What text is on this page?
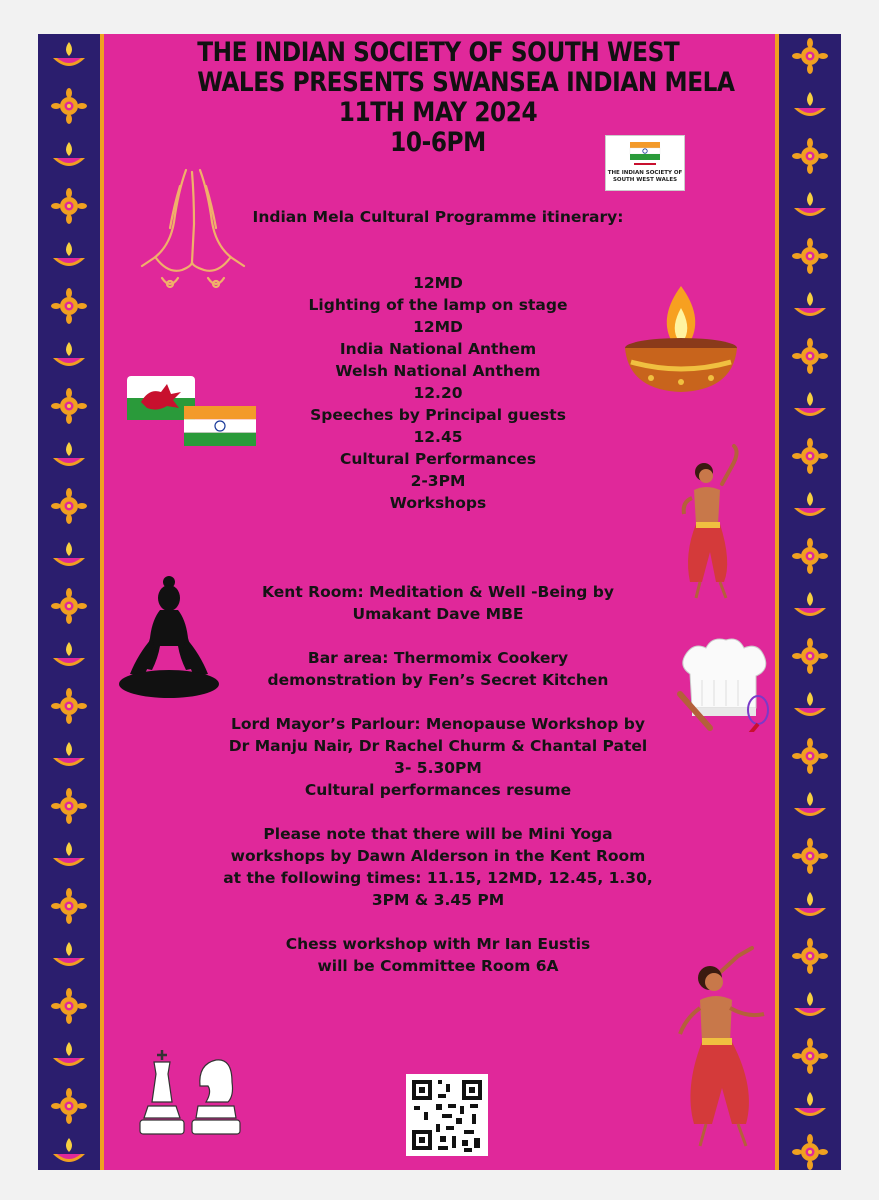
THE INDIAN SOCIETY OF SOUTH WEST
WALES PRESENTS SWANSEA INDIAN MELA
11TH MAY 2024
10-6PM
THE INDIAN SOCIETY OF SOUTH WEST WALES
Indian Mela Cultural Programme itinerary:
12MD
Lighting of the lamp on stage
12MD
India National Anthem
Welsh National Anthem
12.20
Speeches by Principal guests
12.45
Cultural Performances
2-3PM
Workshops
Kent Room: Meditation & Well -Being by
Umakant Dave MBE
Bar area: Thermomix Cookery
demonstration by Fen’s Secret Kitchen
Lord Mayor’s Parlour: Menopause Workshop by
Dr Manju Nair, Dr Rachel Churm & Chantal Patel
3- 5.30PM
Cultural performances resume
Please note that there will be Mini Yoga
workshops by Dawn Alderson in the Kent Room
at the following times: 11.15, 12MD, 12.45, 1.30,
3PM & 3.45 PM
Chess workshop with Mr Ian Eustis
will be Committee Room 6A
